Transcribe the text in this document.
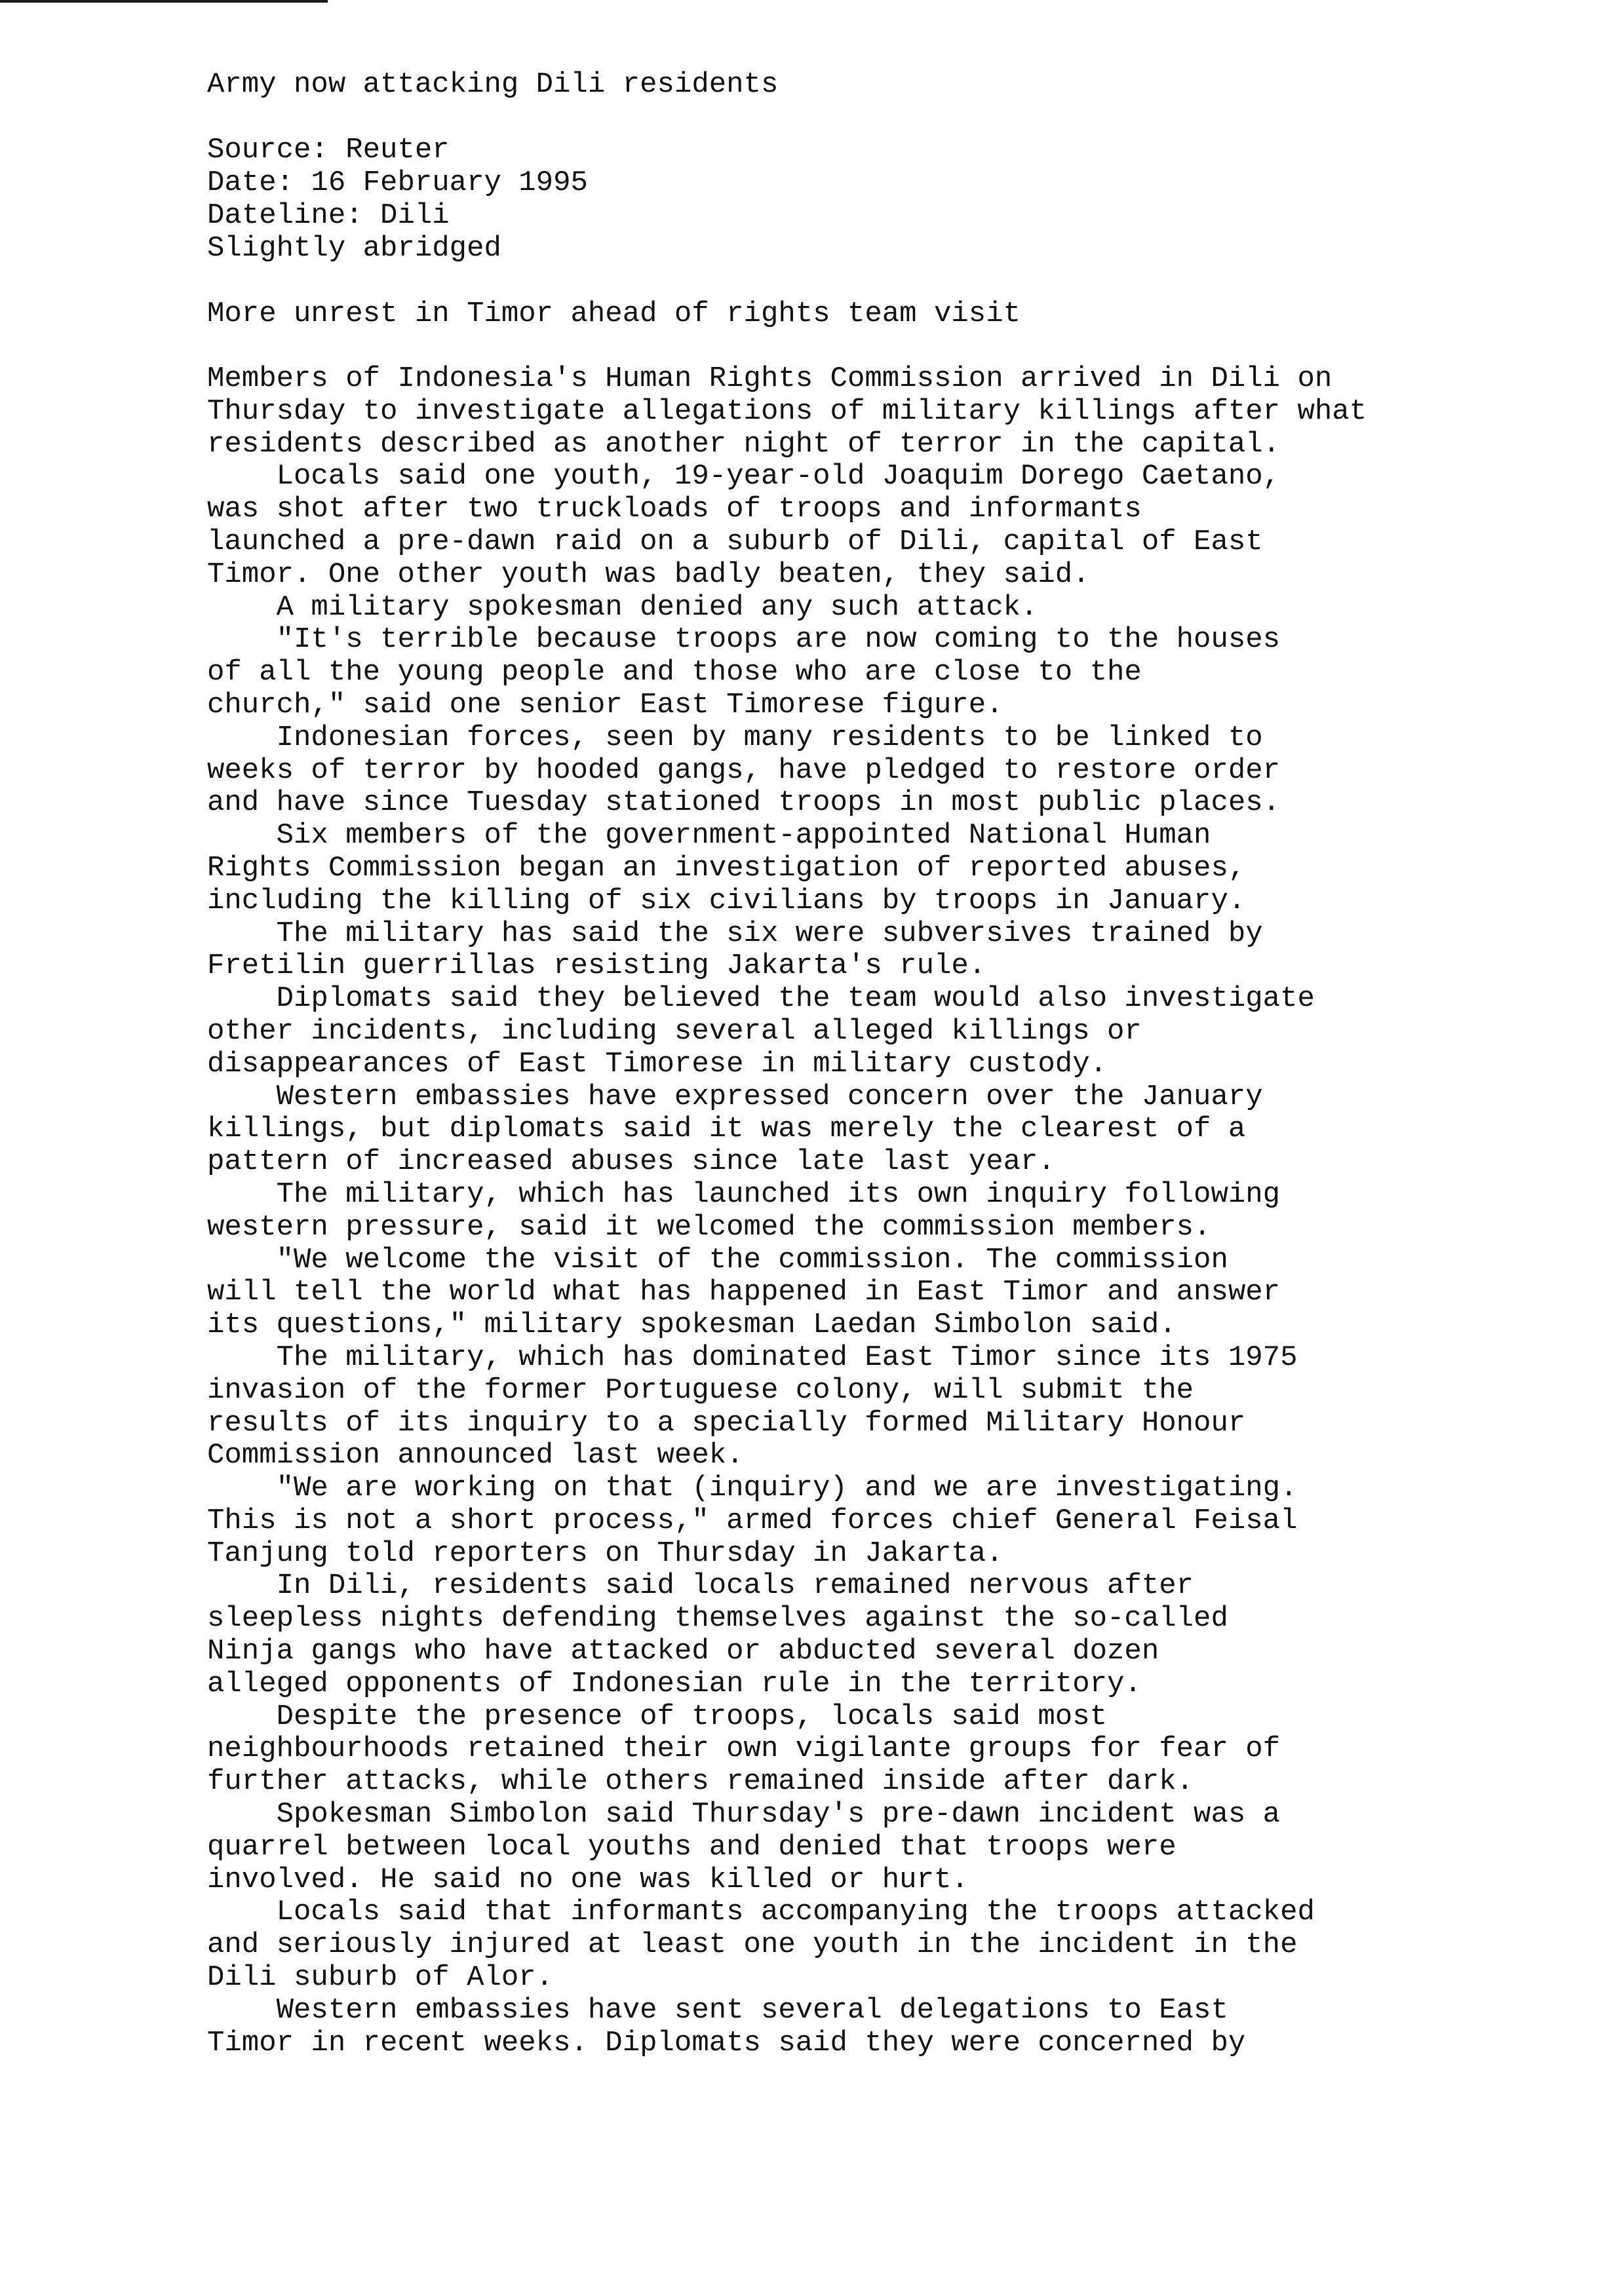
Army now attacking Dili residents
Source: Reuter
Date: 16 February 1995
Dateline: Dili
Slightly abridged
More unrest in Timor ahead of rights team visit
Members of Indonesia's Human Rights Commission arrived in Dili on
Thursday to investigate allegations of military killings after what
residents described as another night of terror in the capital.
Locals said one youth, 19-year-old Joaquim Dorego Caetano,
was shot after two truckloads of troops and informants
launched a pre-dawn raid on a suburb of Dili, capital of East
Timor. One other youth was badly beaten, they said.
A military spokesman denied any such attack.
"It's terrible because troops are now coming to the houses
of all the young people and those who are close to the
church," said one senior East Timorese figure.
Indonesian forces, seen by many residents to be linked to
weeks of terror by hooded gangs, have pledged to restore order
and have since Tuesday stationed troops in most public places.
Six members of the government-appointed National Human
Rights Commission began an investigation of reported abuses,
including the killing of six civilians by troops in January.
The military has said the six were subversives trained by
Fretilin guerrillas resisting Jakarta's rule.
Diplomats said they believed the team would also investigate
other incidents, including several alleged killings or
disappearances of East Timorese in military custody.
Western embassies have expressed concern over the January
killings, but diplomats said it was merely the clearest of a
pattern of increased abuses since late last year.
The military, which has launched its own inquiry following
western pressure, said it welcomed the commission members.
"We welcome the visit of the commission. The commission
will tell the world what has happened in East Timor and answer
its questions," military spokesman Laedan Simbolon said.
The military, which has dominated East Timor since its 1975
invasion of the former Portuguese colony, will submit the
results of its inquiry to a specially formed Military Honour
Commission announced last week.
"We are working on that (inquiry) and we are investigating.
This is not a short process," armed forces chief General Feisal
Tanjung told reporters on Thursday in Jakarta.
In Dili, residents said locals remained nervous after
sleepless nights defending themselves against the so-called
Ninja gangs who have attacked or abducted several dozen
alleged opponents of Indonesian rule in the territory.
Despite the presence of troops, locals said most
neighbourhoods retained their own vigilante groups for fear of
further attacks, while others remained inside after dark.
Spokesman Simbolon said Thursday's pre-dawn incident was a
quarrel between local youths and denied that troops were
involved. He said no one was killed or hurt.
Locals said that informants accompanying the troops attacked
and seriously injured at least one youth in the incident in the
Dili suburb of Alor.
Western embassies have sent several delegations to East
Timor in recent weeks. Diplomats said they were concerned by
